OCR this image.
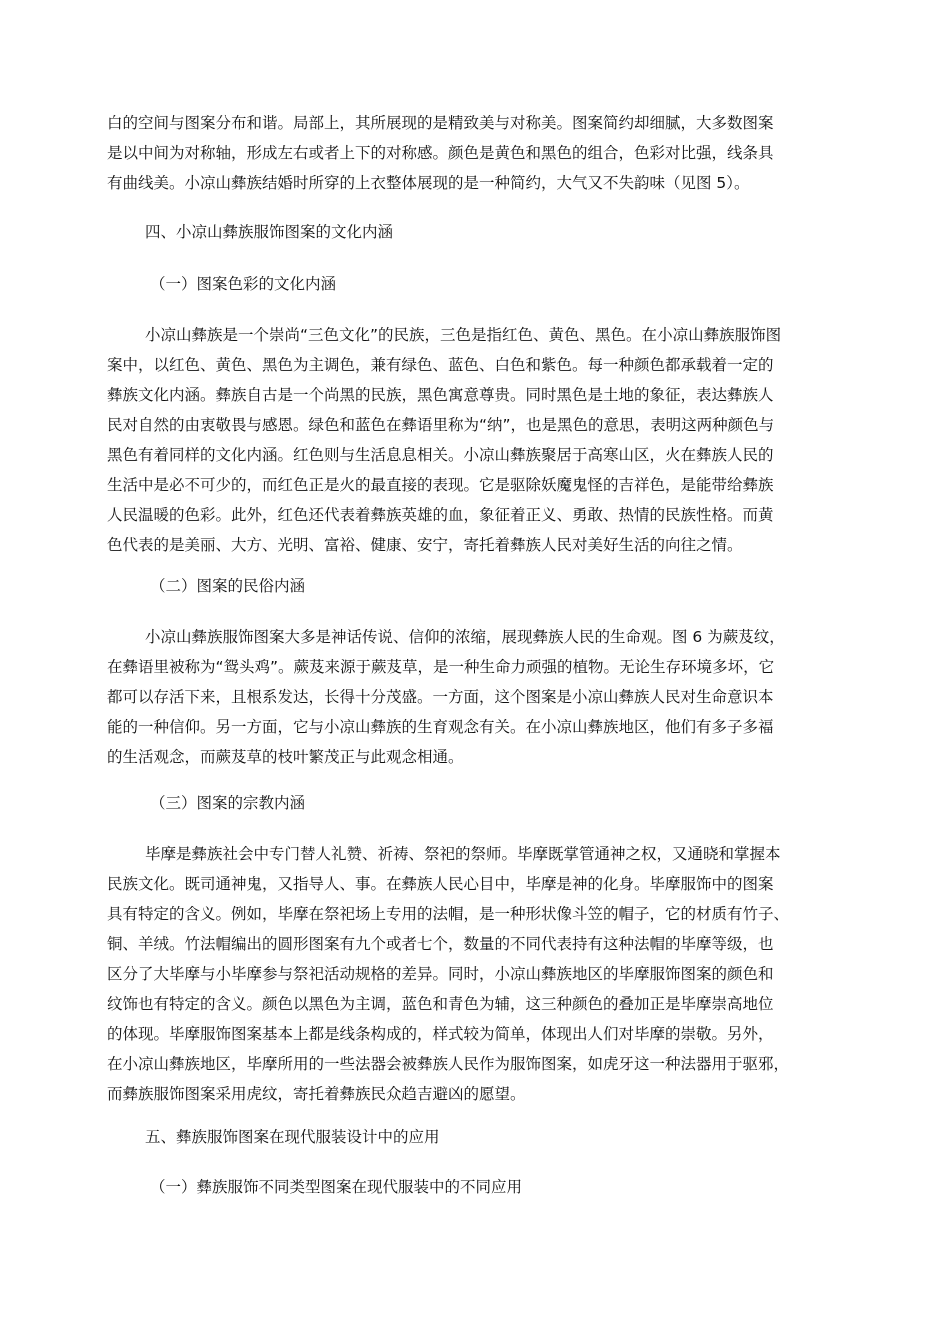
白的空间与图案分布和谐。局部上，其所展现的是精致美与对称美。图案简约却细腻，大多数图案
是以中间为对称轴，形成左右或者上下的对称感。颜色是黄色和黑色的组合，色彩对比强，线条具
有曲线美。小凉山彝族结婚时所穿的上衣整体展现的是一种简约，大气又不失韵味（见图 5）。
四、小凉山彝族服饰图案的文化内涵
（一）图案色彩的文化内涵
小凉山彝族是一个崇尚“三色文化”的民族，三色是指红色、黄色、黑色。在小凉山彝族服饰图
案中，以红色、黄色、黑色为主调色，兼有绿色、蓝色、白色和紫色。每一种颜色都承载着一定的
彝族文化内涵。彝族自古是一个尚黑的民族，黑色寓意尊贵。同时黑色是土地的象征，表达彝族人
民对自然的由衷敬畏与感恩。绿色和蓝色在彝语里称为“纳”，也是黑色的意思，表明这两种颜色与
黑色有着同样的文化内涵。红色则与生活息息相关。小凉山彝族聚居于高寒山区，火在彝族人民的
生活中是必不可少的，而红色正是火的最直接的表现。它是驱除妖魔鬼怪的吉祥色，是能带给彝族
人民温暖的色彩。此外，红色还代表着彝族英雄的血，象征着正义、勇敢、热情的民族性格。而黄
色代表的是美丽、大方、光明、富裕、健康、安宁，寄托着彝族人民对美好生活的向往之情。
（二）图案的民俗内涵
小凉山彝族服饰图案大多是神话传说、信仰的浓缩，展现彝族人民的生命观。图 6 为蕨芨纹，
在彝语里被称为“鸳头鸡”。蕨芨来源于蕨芨草，是一种生命力顽强的植物。无论生存环境多坏，它
都可以存活下来，且根系发达，长得十分茂盛。一方面，这个图案是小凉山彝族人民对生命意识本
能的一种信仰。另一方面，它与小凉山彝族的生育观念有关。在小凉山彝族地区，他们有多子多福
的生活观念，而蕨芨草的枝叶繁茂正与此观念相通。
（三）图案的宗教内涵
毕摩是彝族社会中专门替人礼赞、祈祷、祭祀的祭师。毕摩既掌管通神之权，又通晓和掌握本
民族文化。既司通神鬼，又指导人、事。在彝族人民心目中，毕摩是神的化身。毕摩服饰中的图案
具有特定的含义。例如，毕摩在祭祀场上专用的法帽，是一种形状像斗笠的帽子，它的材质有竹子、
铜、羊绒。竹法帽编出的圆形图案有九个或者七个，数量的不同代表持有这种法帽的毕摩等级，也
区分了大毕摩与小毕摩参与祭祀活动规格的差异。同时，小凉山彝族地区的毕摩服饰图案的颜色和
纹饰也有特定的含义。颜色以黑色为主调，蓝色和青色为辅，这三种颜色的叠加正是毕摩崇高地位
的体现。毕摩服饰图案基本上都是线条构成的，样式较为简单，体现出人们对毕摩的崇敬。另外，
在小凉山彝族地区，毕摩所用的一些法器会被彝族人民作为服饰图案，如虎牙这一种法器用于驱邪，
而彝族服饰图案采用虎纹，寄托着彝族民众趋吉避凶的愿望。
五、彝族服饰图案在现代服装设计中的应用
（一）彝族服饰不同类型图案在现代服装中的不同应用
